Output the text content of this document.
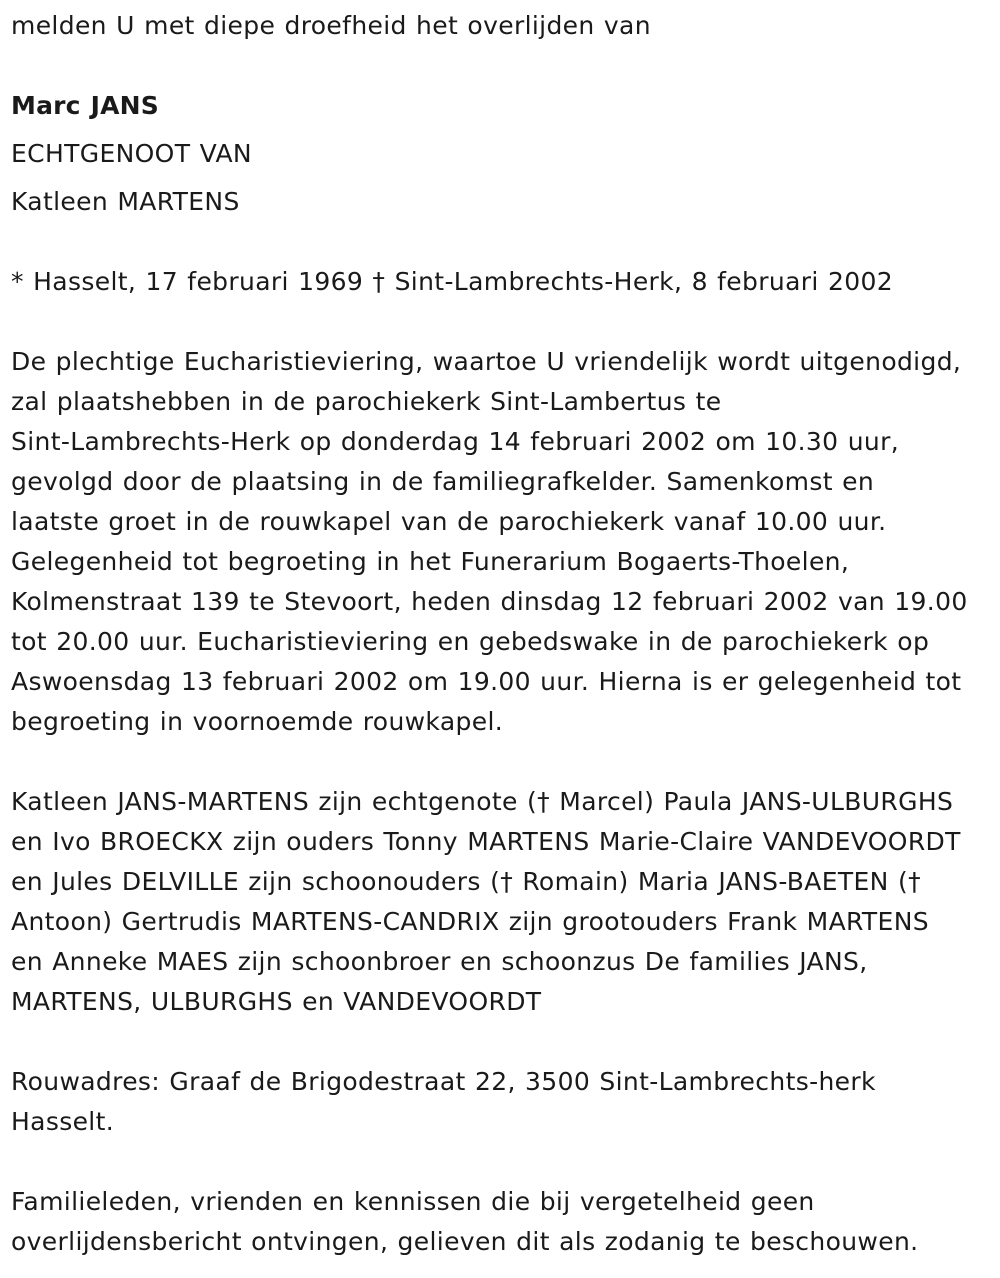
melden U met diepe droefheid het overlijden van
Marc JANS
ECHTGENOOT VAN
Katleen MARTENS
* Hasselt, 17 februari 1969 † Sint-Lambrechts-Herk, 8 februari 2002
De plechtige Eucharistieviering, waartoe U vriendelijk wordt uitgenodigd,
zal plaatshebben in de parochiekerk Sint-Lambertus te
Sint-Lambrechts-Herk op donderdag 14 februari 2002 om 10.30 uur,
gevolgd door de plaatsing in de familiegrafkelder. Samenkomst en
laatste groet in de rouwkapel van de parochiekerk vanaf 10.00 uur.
Gelegenheid tot begroeting in het Funerarium Bogaerts-Thoelen,
Kolmenstraat 139 te Stevoort, heden dinsdag 12 februari 2002 van 19.00
tot 20.00 uur. Eucharistieviering en gebedswake in de parochiekerk op
Aswoensdag 13 februari 2002 om 19.00 uur. Hierna is er gelegenheid tot
begroeting in voornoemde rouwkapel.
Katleen JANS-MARTENS zijn echtgenote († Marcel) Paula JANS-ULBURGHS
en Ivo BROECKX zijn ouders Tonny MARTENS Marie-Claire VANDEVOORDT
en Jules DELVILLE zijn schoonouders († Romain) Maria JANS-BAETEN (†
Antoon) Gertrudis MARTENS-CANDRIX zijn grootouders Frank MARTENS
en Anneke MAES zijn schoonbroer en schoonzus De families JANS,
MARTENS, ULBURGHS en VANDEVOORDT
Rouwadres: Graaf de Brigodestraat 22, 3500 Sint-Lambrechts-herk
Hasselt.
Familieleden, vrienden en kennissen die bij vergetelheid geen
overlijdensbericht ontvingen, gelieven dit als zodanig te beschouwen.
